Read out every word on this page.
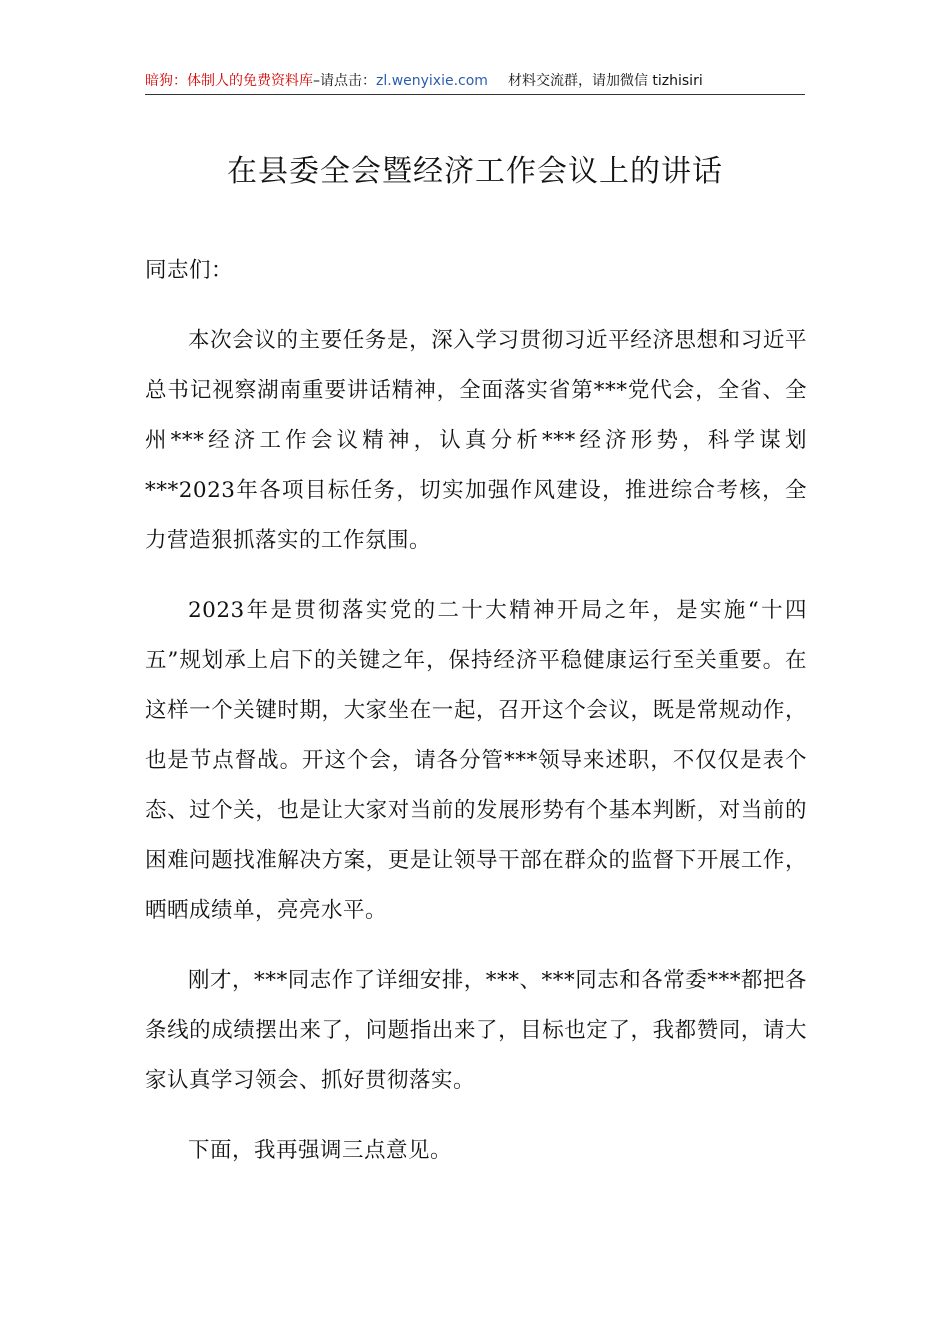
暗狗：体制人的免费资料库–请点击：zl.wenyixie.com 材料交流群，请加微信 tizhisiri
在县委全会暨经济工作会议上的讲话

同志们：

本次会议的主要任务是，深入学习贯彻习近平经济思想和习近平总书记视察湖南重要讲话精神，全面落实省第***党代会，全省、全州***经济工作会议精神，认真分析***经济形势，科学谋划***2023年各项目标任务，切实加强作风建设，推进综合考核，全力营造狠抓落实的工作氛围。

2023年是贯彻落实党的二十大精神开局之年，是实施“十四五”规划承上启下的关键之年，保持经济平稳健康运行至关重要。在这样一个关键时期，大家坐在一起，召开这个会议，既是常规动作，也是节点督战。开这个会，请各分管***领导来述职，不仅仅是表个态、过个关，也是让大家对当前的发展形势有个基本判断，对当前的困难问题找准解决方案，更是让领导干部在群众的监督下开展工作，晒晒成绩单，亮亮水平。

刚才，***同志作了详细安排，***、***同志和各常委***都把各条线的成绩摆出来了，问题指出来了，目标也定了，我都赞同，请大家认真学习领会、抓好贯彻落实。

下面，我再强调三点意见。
